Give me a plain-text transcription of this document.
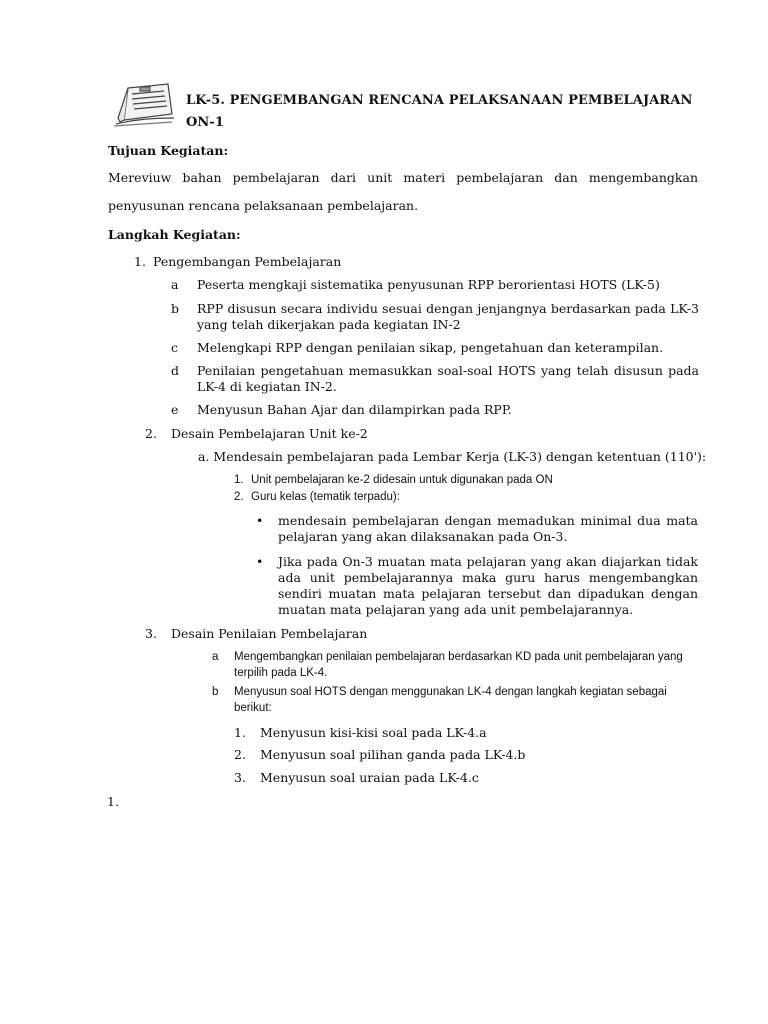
LK-5. PENGEMBANGAN RENCANA PELAKSANAAN PEMBELAJARAN
ON-1
Tujuan Kegiatan:
Mereviuw bahan pembelajaran dari unit materi pembelajaran dan mengembangkan penyusunan rencana pelaksanaan pembelajaran.
Langkah Kegiatan:
1. Pengembangan Pembelajaran
a	Peserta mengkaji sistematika penyusunan RPP berorientasi HOTS (LK-5)
b	RPP disusun secara individu sesuai dengan jenjangnya berdasarkan pada LK-3 yang telah dikerjakan pada kegiatan IN-2
c	Melengkapi RPP dengan penilaian sikap, pengetahuan dan keterampilan.
d	Penilaian pengetahuan memasukkan soal-soal HOTS yang telah disusun pada LK-4 di kegiatan IN-2.
e	Menyusun Bahan Ajar dan dilampirkan pada RPP.
2. Desain Pembelajaran Unit ke-2
a. Mendesain pembelajaran pada Lembar Kerja (LK-3) dengan ketentuan (110'):
1. Unit pembelajaran ke-2 didesain untuk digunakan pada ON
2. Guru kelas (tematik terpadu):
• mendesain pembelajaran dengan memadukan minimal dua mata pelajaran yang akan dilaksanakan pada On-3.
• Jika pada On-3 muatan mata pelajaran yang akan diajarkan tidak ada unit pembelajarannya maka guru harus mengembangkan sendiri muatan mata pelajaran tersebut dan dipadukan dengan muatan mata pelajaran yang ada unit pembelajarannya.
3. Desain Penilaian Pembelajaran
a Mengembangkan penilaian pembelajaran berdasarkan KD pada unit pembelajaran yang terpilih pada LK-4.
b Menyusun soal HOTS dengan menggunakan LK-4 dengan langkah kegiatan sebagai berikut:
1. Menyusun kisi-kisi soal pada LK-4.a
2. Menyusun soal pilihan ganda pada LK-4.b
3. Menyusun soal uraian pada LK-4.c
1.
